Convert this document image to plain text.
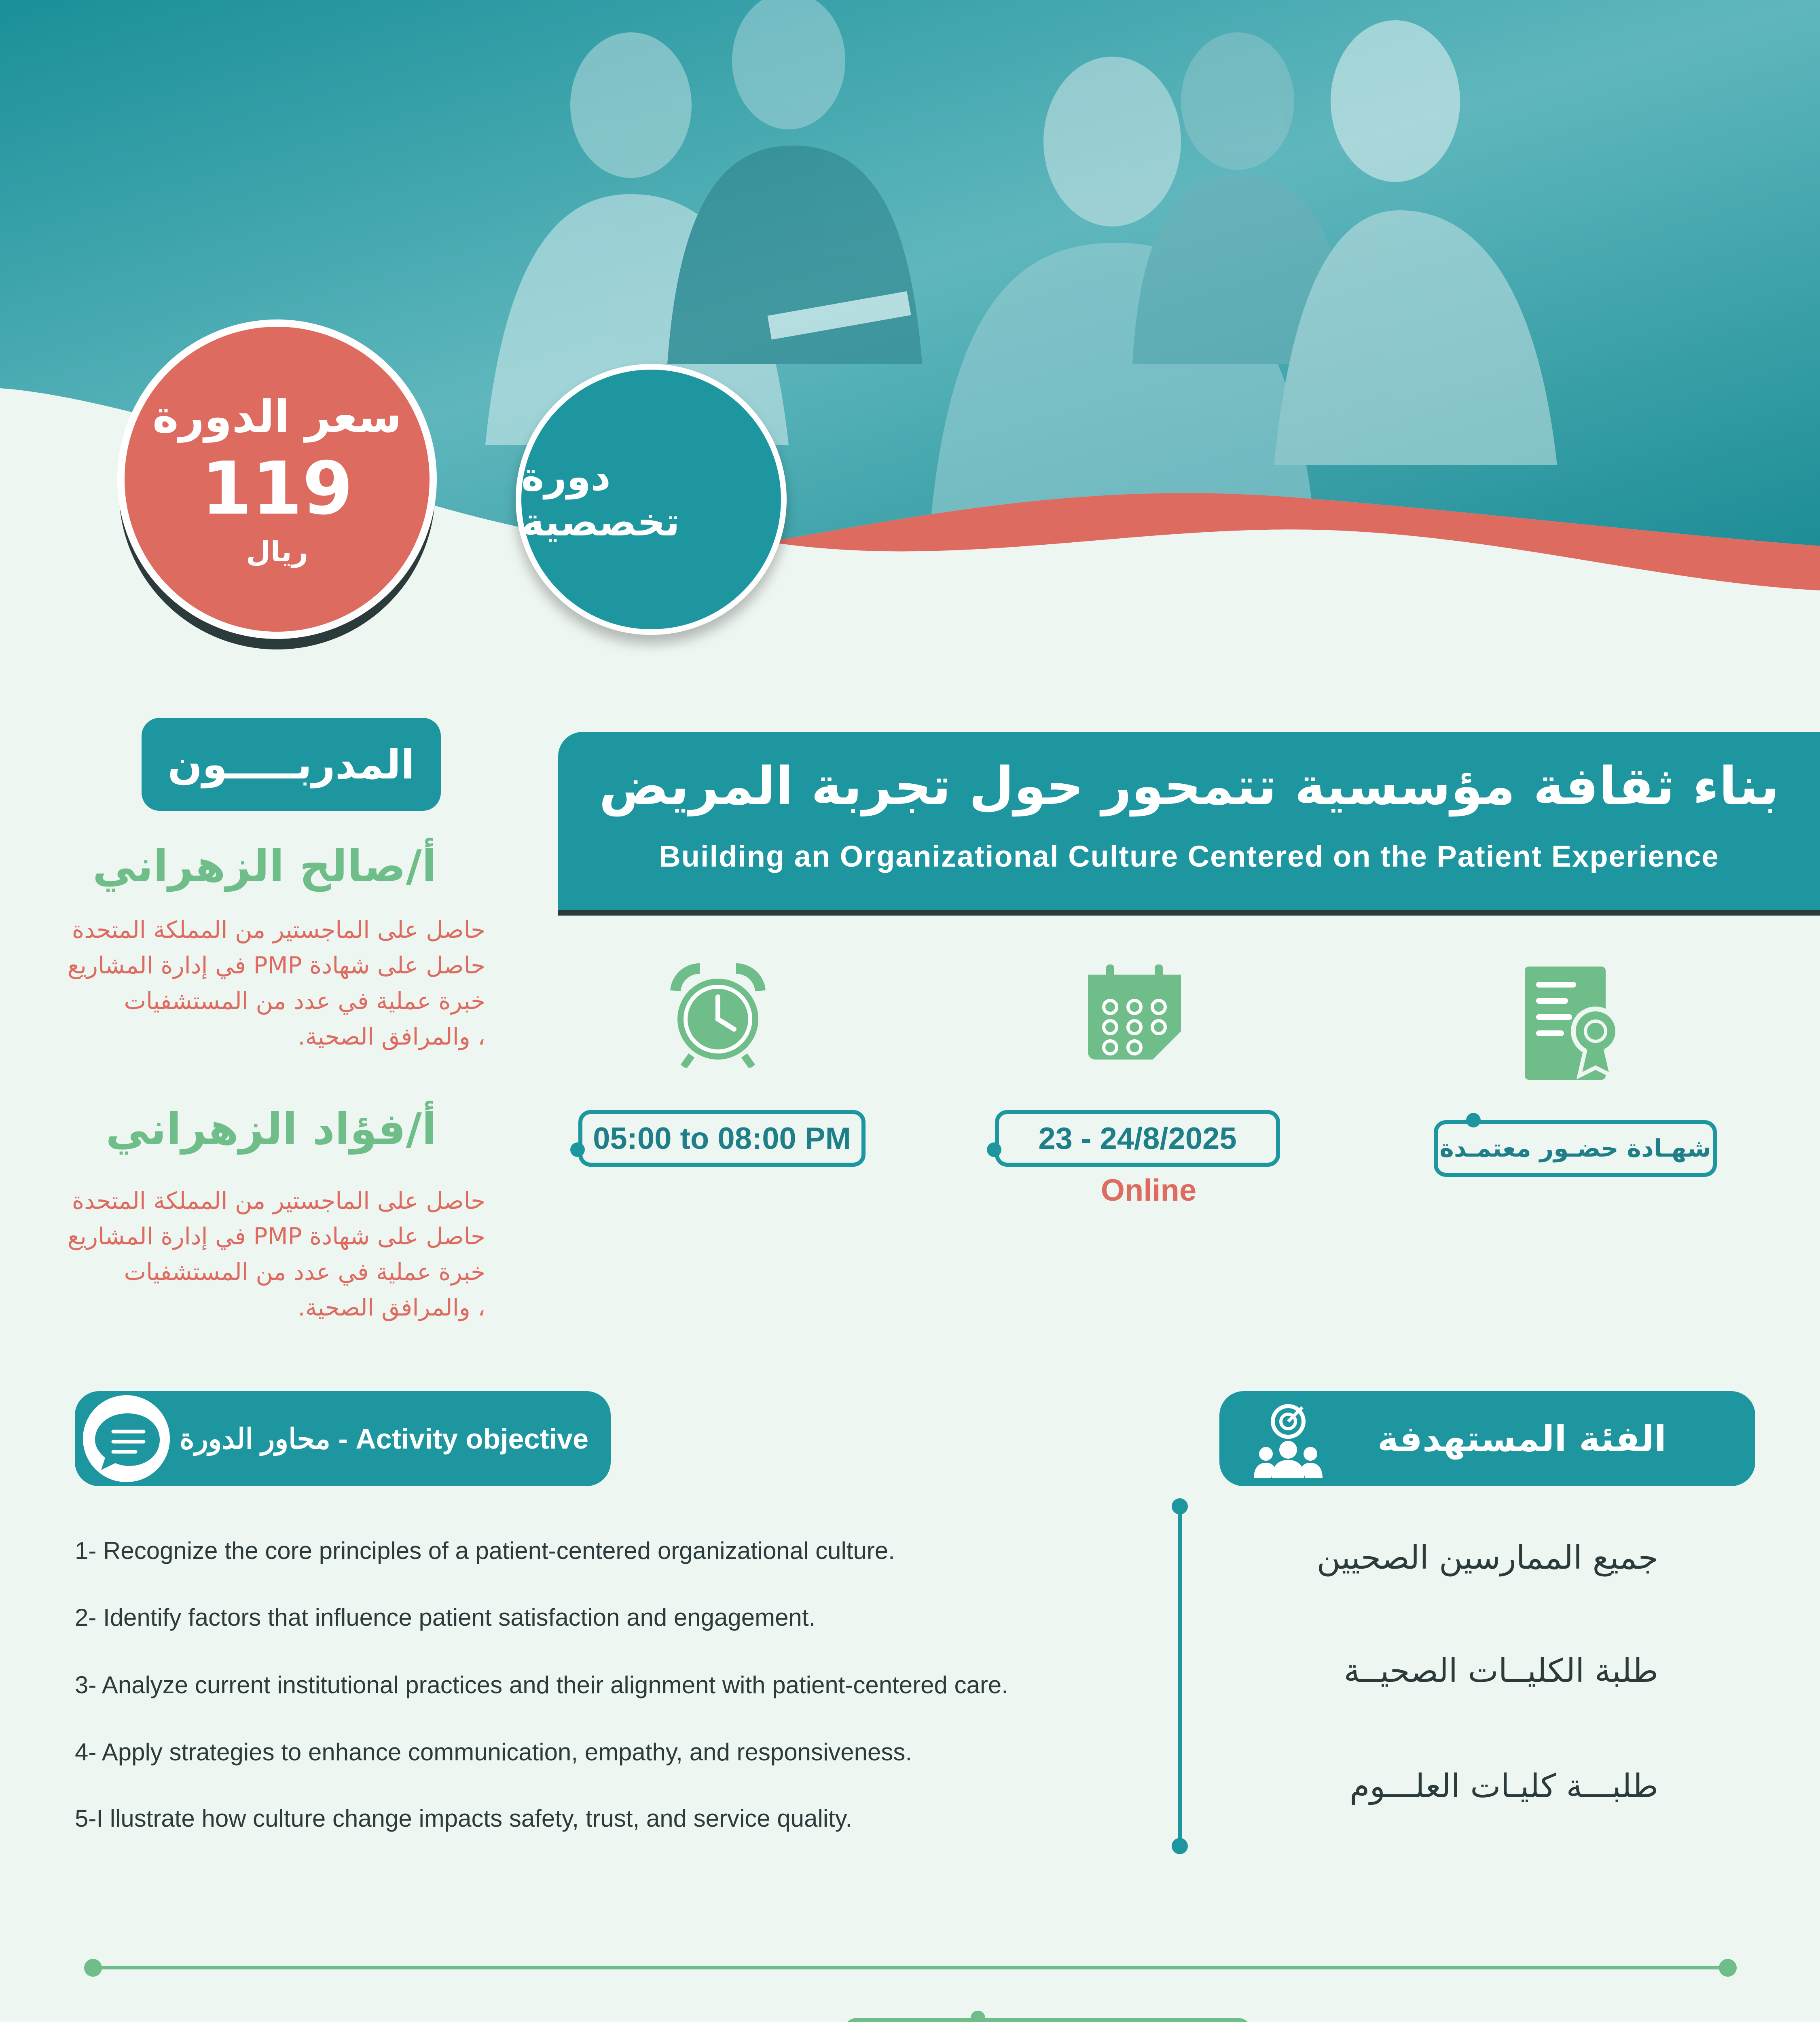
سعر الدورة
119
ريال
دورة تخصصية
بناء ثقافة مؤسسية تتمحور حول تجربة المريض
Building an Organizational Culture Centered on the Patient Experience
المدربـــــون
أ/صالح الزهراني
حاصل على الماجستير من المملكة المتحدة
حاصل على شهادة PMP في إدارة المشاريع
خبرة عملية في عدد من المستشفيات
، والمرافق الصحية.
أ/فؤاد الزهراني
حاصل على الماجستير من المملكة المتحدة
حاصل على شهادة PMP في إدارة المشاريع
خبرة عملية في عدد من المستشفيات
، والمرافق الصحية.
05:00 to 08:00 PM	23 - 24/8/2025
Online
شهـادة حضـور معتمـدة
محاور الدورة - Activity objective
1- Recognize the core principles of a patient-centered organizational culture.
2- Identify factors that influence patient satisfaction and engagement.
3- Analyze current institutional practices and their alignment with patient-centered care.
4- Apply strategies to enhance communication, empathy, and responsiveness.
5-I llustrate how culture change impacts safety, trust, and service quality.
الفئة المستهدفة
جميع الممارسين الصحيين
طلبة الكليــات الصحيــة
طلبـــة كليـات العلـــوم
